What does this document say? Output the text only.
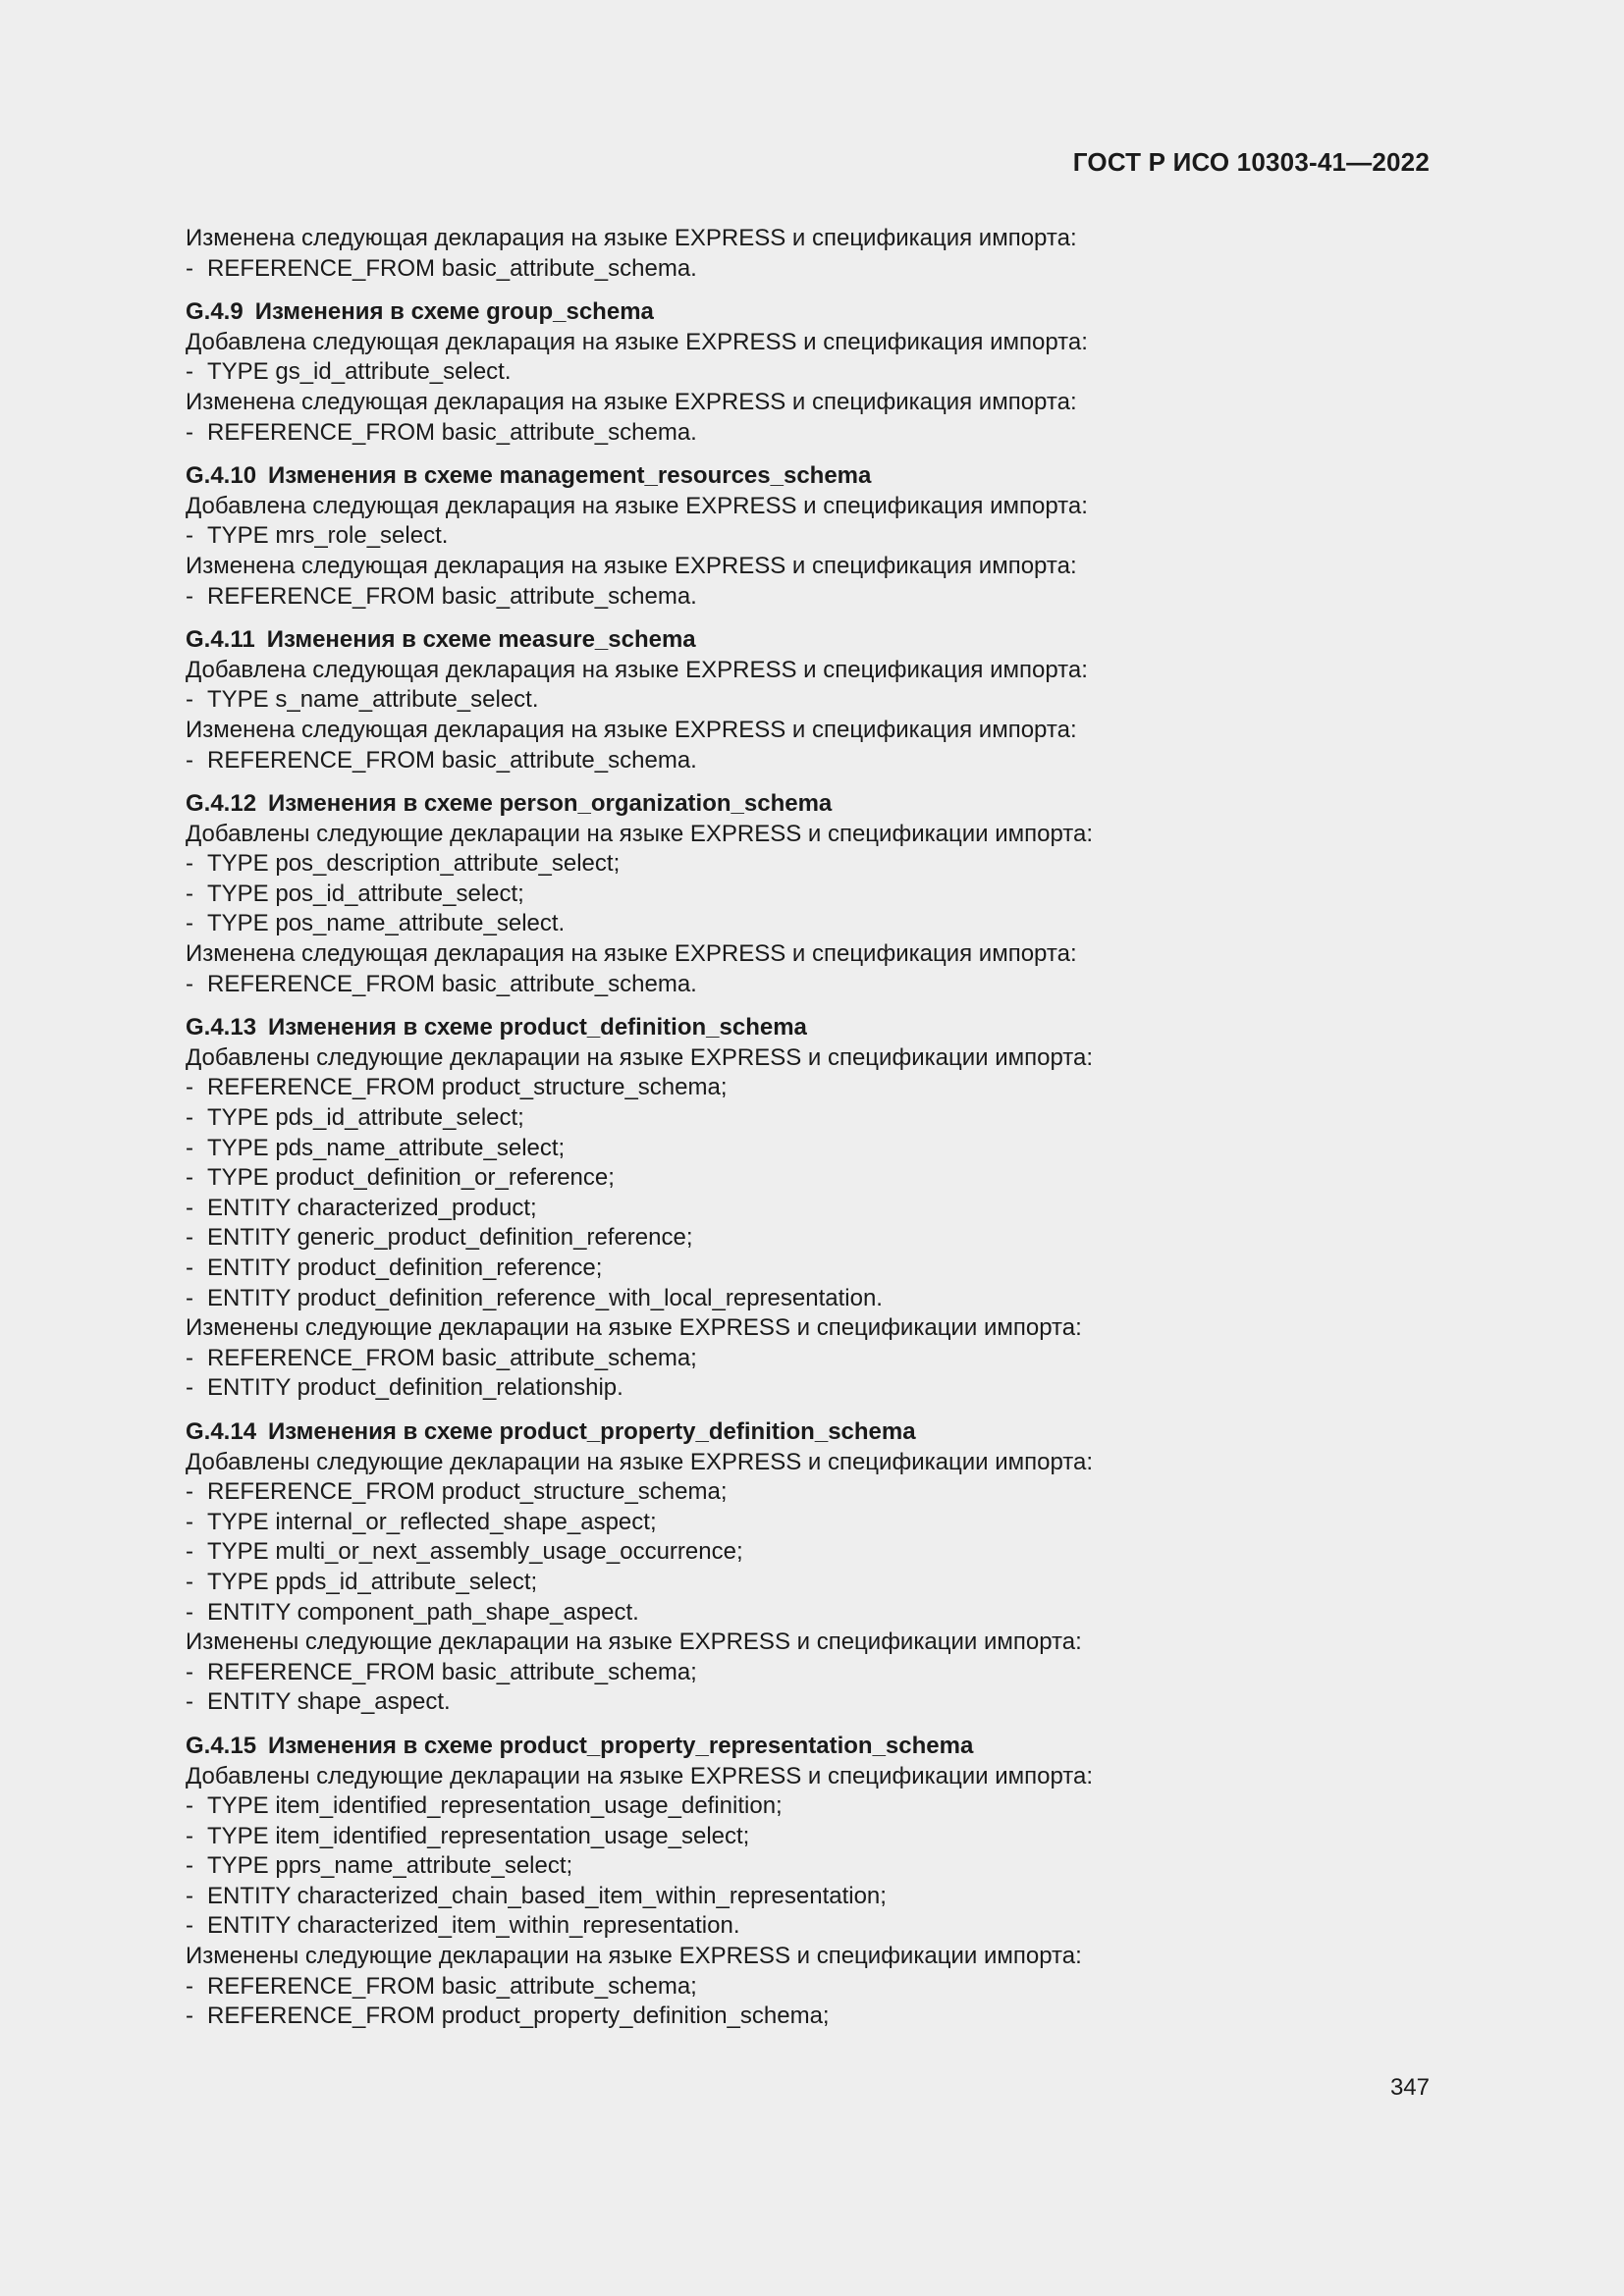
ГОСТ Р ИСО 10303-41—2022
Изменена следующая декларация на языке EXPRESS и спецификация импорта:
- REFERENCE_FROM basic_attribute_schema.
G.4.9 Изменения в схеме group_schema
Добавлена следующая декларация на языке EXPRESS и спецификация импорта:
- TYPE gs_id_attribute_select.
Изменена следующая декларация на языке EXPRESS и спецификация импорта:
- REFERENCE_FROM basic_attribute_schema.
G.4.10 Изменения в схеме management_resources_schema
Добавлена следующая декларация на языке EXPRESS и спецификация импорта:
- TYPE mrs_role_select.
Изменена следующая декларация на языке EXPRESS и спецификация импорта:
- REFERENCE_FROM basic_attribute_schema.
G.4.11 Изменения в схеме measure_schema
Добавлена следующая декларация на языке EXPRESS и спецификация импорта:
- TYPE s_name_attribute_select.
Изменена следующая декларация на языке EXPRESS и спецификация импорта:
- REFERENCE_FROM basic_attribute_schema.
G.4.12 Изменения в схеме person_organization_schema
Добавлены следующие декларации на языке EXPRESS и спецификации импорта:
- TYPE pos_description_attribute_select;
- TYPE pos_id_attribute_select;
- TYPE pos_name_attribute_select.
Изменена следующая декларация на языке EXPRESS и спецификация импорта:
- REFERENCE_FROM basic_attribute_schema.
G.4.13 Изменения в схеме product_definition_schema
Добавлены следующие декларации на языке EXPRESS и спецификации импорта:
- REFERENCE_FROM product_structure_schema;
- TYPE pds_id_attribute_select;
- TYPE pds_name_attribute_select;
- TYPE product_definition_or_reference;
- ENTITY characterized_product;
- ENTITY generic_product_definition_reference;
- ENTITY product_definition_reference;
- ENTITY product_definition_reference_with_local_representation.
Изменены следующие декларации на языке EXPRESS и спецификации импорта:
- REFERENCE_FROM basic_attribute_schema;
- ENTITY product_definition_relationship.
G.4.14 Изменения в схеме product_property_definition_schema
Добавлены следующие декларации на языке EXPRESS и спецификации импорта:
- REFERENCE_FROM product_structure_schema;
- TYPE internal_or_reflected_shape_aspect;
- TYPE multi_or_next_assembly_usage_occurrence;
- TYPE ppds_id_attribute_select;
- ENTITY component_path_shape_aspect.
Изменены следующие декларации на языке EXPRESS и спецификации импорта:
- REFERENCE_FROM basic_attribute_schema;
- ENTITY shape_aspect.
G.4.15 Изменения в схеме product_property_representation_schema
Добавлены следующие декларации на языке EXPRESS и спецификации импорта:
- TYPE item_identified_representation_usage_definition;
- TYPE item_identified_representation_usage_select;
- TYPE pprs_name_attribute_select;
- ENTITY characterized_chain_based_item_within_representation;
- ENTITY characterized_item_within_representation.
Изменены следующие декларации на языке EXPRESS и спецификации импорта:
- REFERENCE_FROM basic_attribute_schema;
- REFERENCE_FROM product_property_definition_schema;
347
